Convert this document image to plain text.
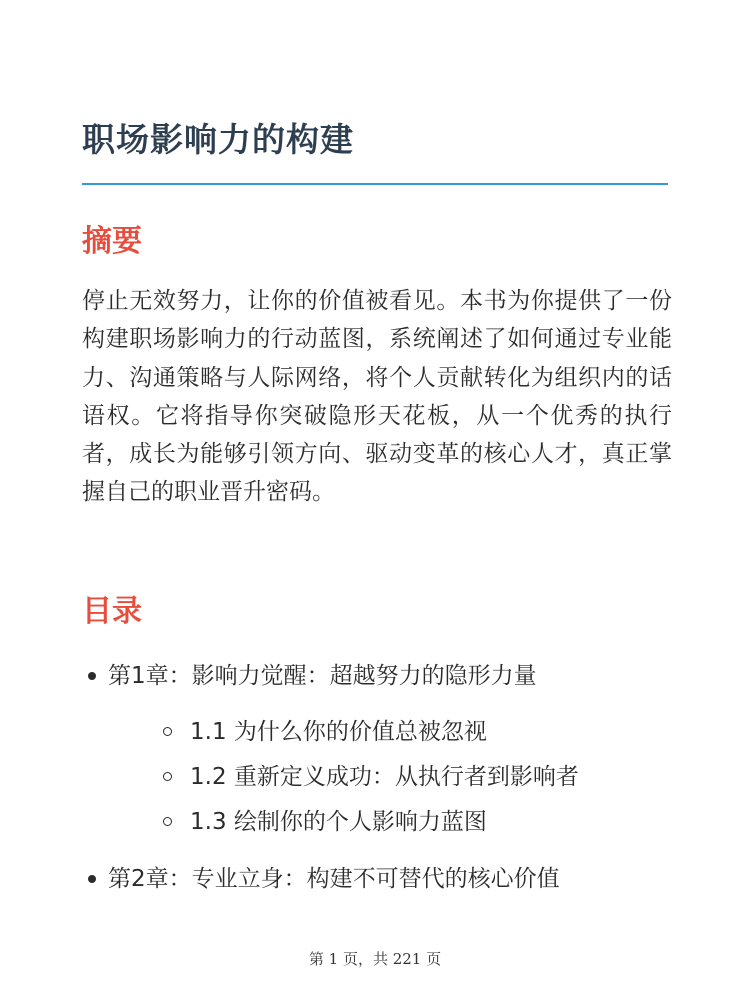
职场影响力的构建
摘要

停止无效努力，让你的价值被看见。本书为你提供了一份构建职场影响力的行动蓝图，系统阐述了如何通过专业能力、沟通策略与人际网络，将个人贡献转化为组织内的话语权。它将指导你突破隐形天花板，从一个优秀的执行者，成长为能够引领方向、驱动变革的核心人才，真正掌握自己的职业晋升密码。

目录
第1章：影响力觉醒：超越努力的隐形力量
1.1 为什么你的价值总被忽视
1.2 重新定义成功：从执行者到影响者
1.3 绘制你的个人影响力蓝图
第2章：专业立身：构建不可替代的核心价值
第 1 页，共 221 页
